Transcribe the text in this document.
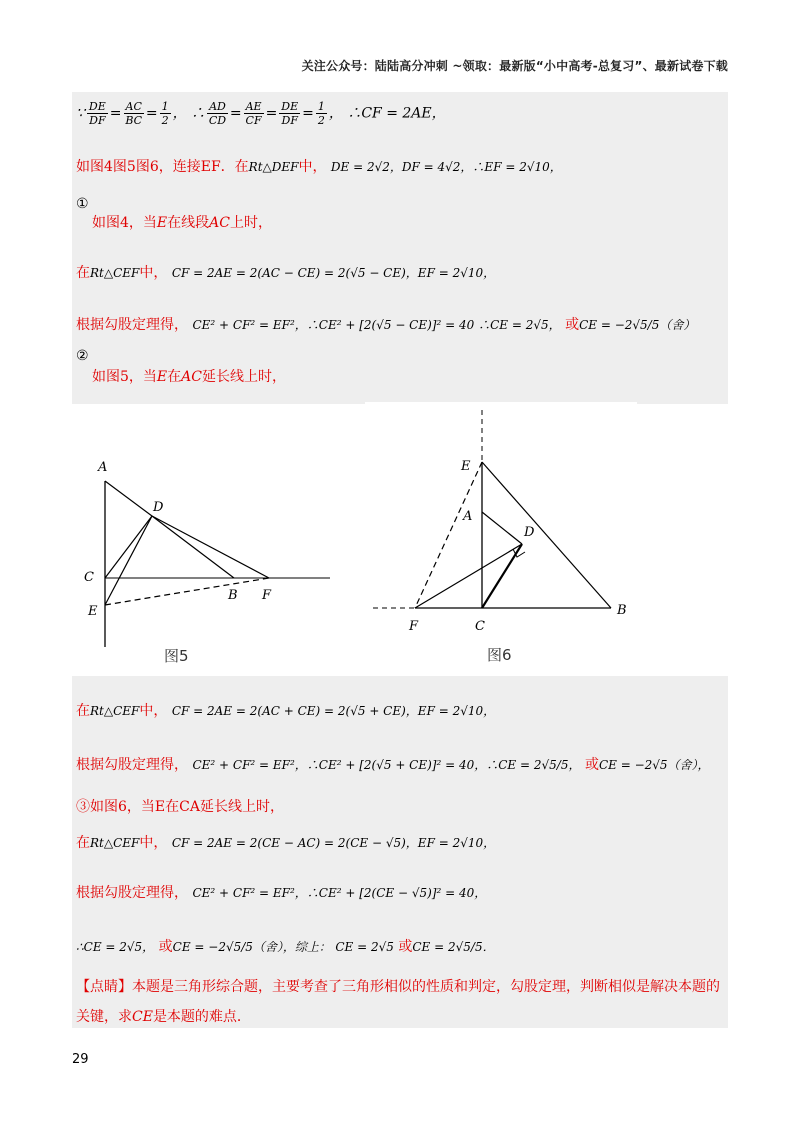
关注公众号：陆陆高分冲刺 ~领取：最新版“小中高考-总复习”、最新试卷下载
∵ $\frac{DE}{DF} = \frac{AC}{BC} = \frac{1}{2}$ ， ∴ $\frac{AD}{CD} = \frac{AE}{CF} = \frac{DE}{DF} = \frac{1}{2}$ ， ∴CF = 2AE，
如图4图5图6，连接EF．在Rt△DEF中， DE = 2√2，DF = 4√2，∴EF = 2√10，
①
如图4，当E在线段AC上时，
在Rt△CEF中， CF = 2AE = 2(AC − CE) = 2(√5 − CE)，EF = 2√10，
根据勾股定理得， CE² + CF² = EF²，∴CE² + [2(√5 − CE)]² = 40 ∴CE = 2√5， 或CE = −2√5/5（舍）
②
如图5，当E在AC延长线上时，
A
D
C
E
B F
图5
E
A
D
F	C
B
图6
在Rt△CEF中， CF = 2AE = 2(AC + CE) = 2(√5 + CE)，EF = 2√10，
根据勾股定理得， CE² + CF² = EF²，∴CE² + [2(√5 + CE)]² = 40，∴CE = 2√5/5， 或CE = −2√5（舍），
③如图6，当E在CA延长线上时，
在Rt△CEF中， CF = 2AE = 2(CE − AC) = 2(CE − √5)，EF = 2√10，
根据勾股定理得， CE² + CF² = EF²，∴CE² + [2(CE − √5)]² = 40，
∴CE = 2√5， 或CE = −2√5/5（舍），综上： CE = 2√5 或CE = 2√5/5．
【点睛】本题是三角形综合题，主要考查了三角形相似的性质和判定，勾股定理，判断相似是解决本题的
关键，求CE是本题的难点．
29
